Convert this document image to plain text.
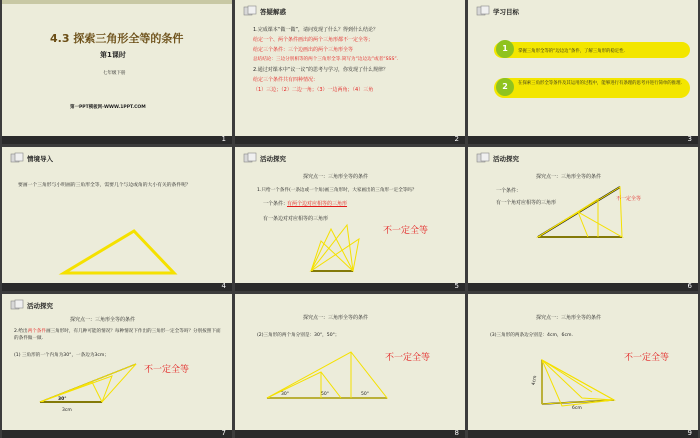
4.3 探索三角形全等的条件
第1课时
七年级下册
第一PPT模板网-WWW.1PPT.COM
1
答疑解惑
1.完成课本“做一做”，请问发现了什么？得到什么结论？
给定一个、两个条件画出的两个三角形都不一定全等；
给定三个条件：三个边画出的两个三角形全等
总结结论：三边分别相等的两个三角形全等.简写为“边边边”或者“SSS”.
2.通过对课本中“议一议”的思考与学习，你发现了什么规律？
给定三个条件共有四种情况：
（1）三边；（2）二边一角；（3）一边两角；（4）三角
2
学习目标
1	掌握三角形全等的“边边边”条件，了解三角形的稳定性.
2	在探索三角形全等条件及其运用的过程中，能够进行有条理的思考并进行简单的推理.
3
情境导入
要画一个三角形与小明画的三角形全等，需要几个与边或角的大小有关的条件呢？
4
活动探究
探究点一：三角形全等的条件
1.只给一个条件(一条边或一个角)画三角形时，大家画出的三角形一定全等吗？
一个条件：
有两个边对应相等的三角形
有一条边对对应相等的三角形
不一定全等
5
活动探究
探究点一：三角形全等的条件
一个条件：
有一个角对应相等的三角形
不一定全等
6
活动探究
探究点一：三角形全等的条件
2.给出两个条件画三角形时，有几种可能的情况？每种情况下作出的三角形一定全等吗？分别按照下面的条件做一做.
(1) 三角形的一个内角为30°，一条边为3cm；
30°
3cm
不一定全等
7
探究点一：三角形全等的条件
(2)三角形的两个角分别是：30°，50°；
30°	50°	50°
不一定全等
8
探究点一：三角形全等的条件
(3)三角形的两条边分别是：4cm，6cm.
4cm
6cm
不一定全等
9
